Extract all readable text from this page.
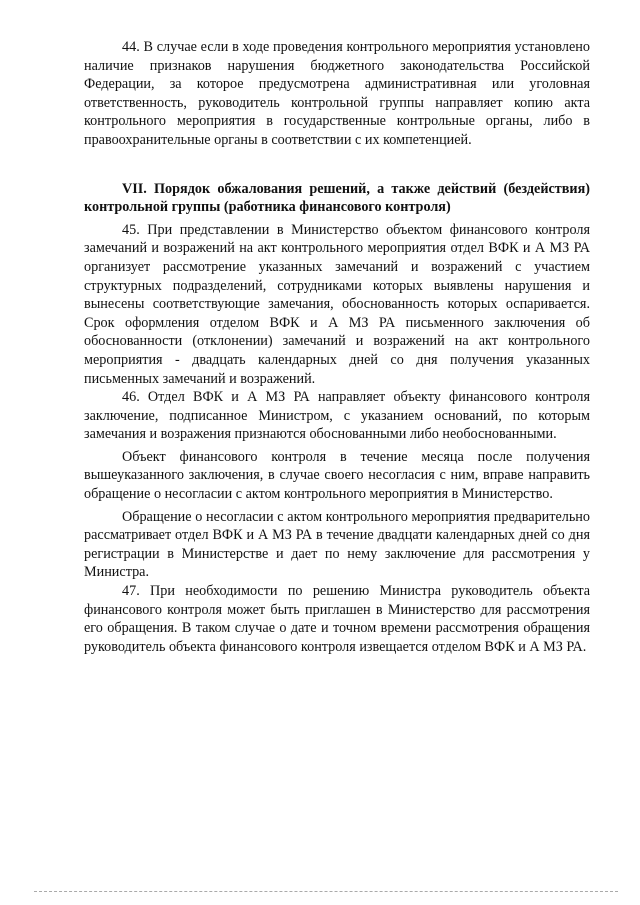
44. В случае если в ходе проведения контрольного мероприятия установлено наличие признаков нарушения бюджетного законодательства Российской Федерации, за которое предусмотрена административная или уголовная ответственность, руководитель контрольной группы направляет копию акта контрольного мероприятия в государственные контрольные органы, либо в правоохранительные органы в соответствии с их компетенцией.

VII. Порядок обжалования решений, а также действий (бездействия) контрольной группы (работника финансового контроля)

45. При представлении в Министерство объектом финансового контроля замечаний и возражений на акт контрольного мероприятия отдел ВФК и А МЗ РА организует рассмотрение указанных замечаний и возражений с участием структурных подразделений, сотрудниками которых выявлены нарушения и вынесены соответствующие замечания, обоснованность которых оспаривается. Срок оформления отделом ВФК и А МЗ РА письменного заключения об обоснованности (отклонении) замечаний и возражений на акт контрольного мероприятия - двадцать календарных дней со дня получения указанных письменных замечаний и возражений.

46. Отдел ВФК и А МЗ РА направляет объекту финансового контроля заключение, подписанное Министром, с указанием оснований, по которым замечания и возражения признаются обоснованными либо необоснованными.

Объект финансового контроля в течение месяца после получения вышеуказанного заключения, в случае своего несогласия с ним, вправе направить обращение о несогласии с актом контрольного мероприятия в Министерство.

Обращение о несогласии с актом контрольного мероприятия предварительно рассматривает отдел ВФК и А МЗ РА в течение двадцати календарных дней со дня регистрации в Министерстве и дает по нему заключение для рассмотрения у Министра.

47. При необходимости по решению Министра руководитель объекта финансового контроля может быть приглашен в Министерство для рассмотрения его обращения. В таком случае о дате и точном времени рассмотрения обращения руководитель объекта финансового контроля извещается отделом ВФК и А МЗ РА.
